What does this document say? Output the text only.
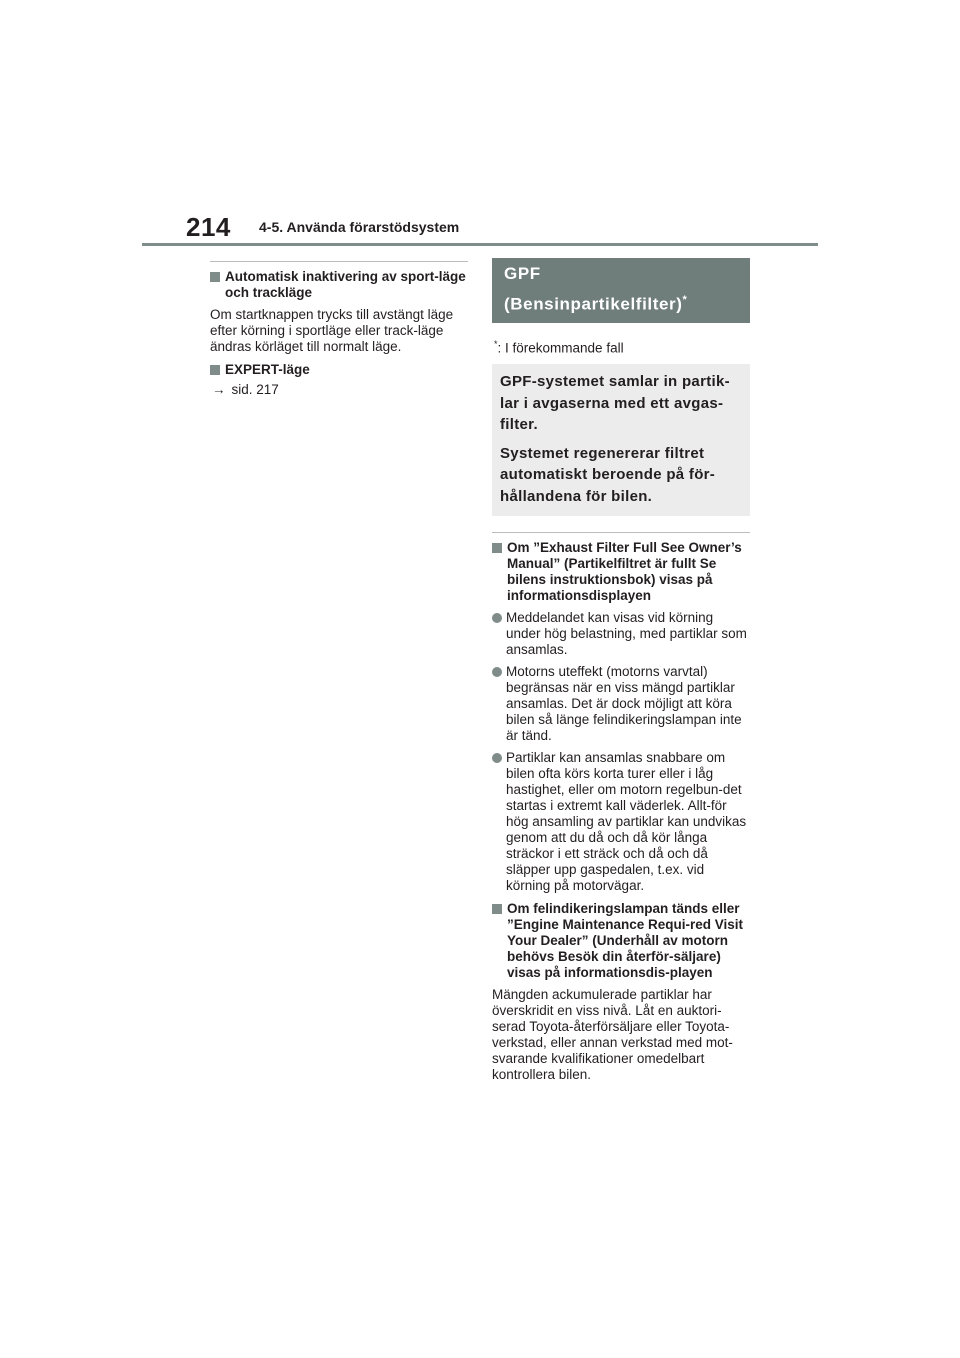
214 4-5. Använda förarstödsystem
Automatisk inaktivering av sport-läge och trackläge
Om startknappen trycks till avstängt läge efter körning i sportläge eller track-läge ändras körläget till normalt läge.
EXPERT-läge
→ sid. 217
GPF
(Bensinpartikelfilter)*
*: I förekommande fall

GPF-systemet samlar in partik-lar i avgaserna med ett avgas-filter.

Systemet regenererar filtret automatiskt beroende på för-hållandena för bilen.

Om ”Exhaust Filter Full See Owner’s Manual” (Partikelfiltret är fullt Se bilens instruktionsbok) visas på informationsdisplayen
Meddelandet kan visas vid körning under hög belastning, med partiklar som ansamlas.
Motorns uteffekt (motorns varvtal) begränsas när en viss mängd partiklar ansamlas. Det är dock möjligt att köra bilen så länge felindikeringslampan inte är tänd.
Partiklar kan ansamlas snabbare om bilen ofta körs korta turer eller i låg hastighet, eller om motorn regelbun-det startas i extremt kall väderlek. Allt-för hög ansamling av partiklar kan undvikas genom att du då och då kör långa sträckor i ett sträck och då och då släpper upp gaspedalen, t.ex. vid körning på motorvägar.
Om felindikeringslampan tänds eller ”Engine Maintenance Requi-red Visit Your Dealer” (Underhåll av motorn behövs Besök din återför-säljare) visas på informationsdis-playen
Mängden ackumulerade partiklar har överskridit en viss nivå. Låt en auktori-serad Toyota-återförsäljare eller Toyota-verkstad, eller annan verkstad med mot-svarande kvalifikationer omedelbart kontrollera bilen.
